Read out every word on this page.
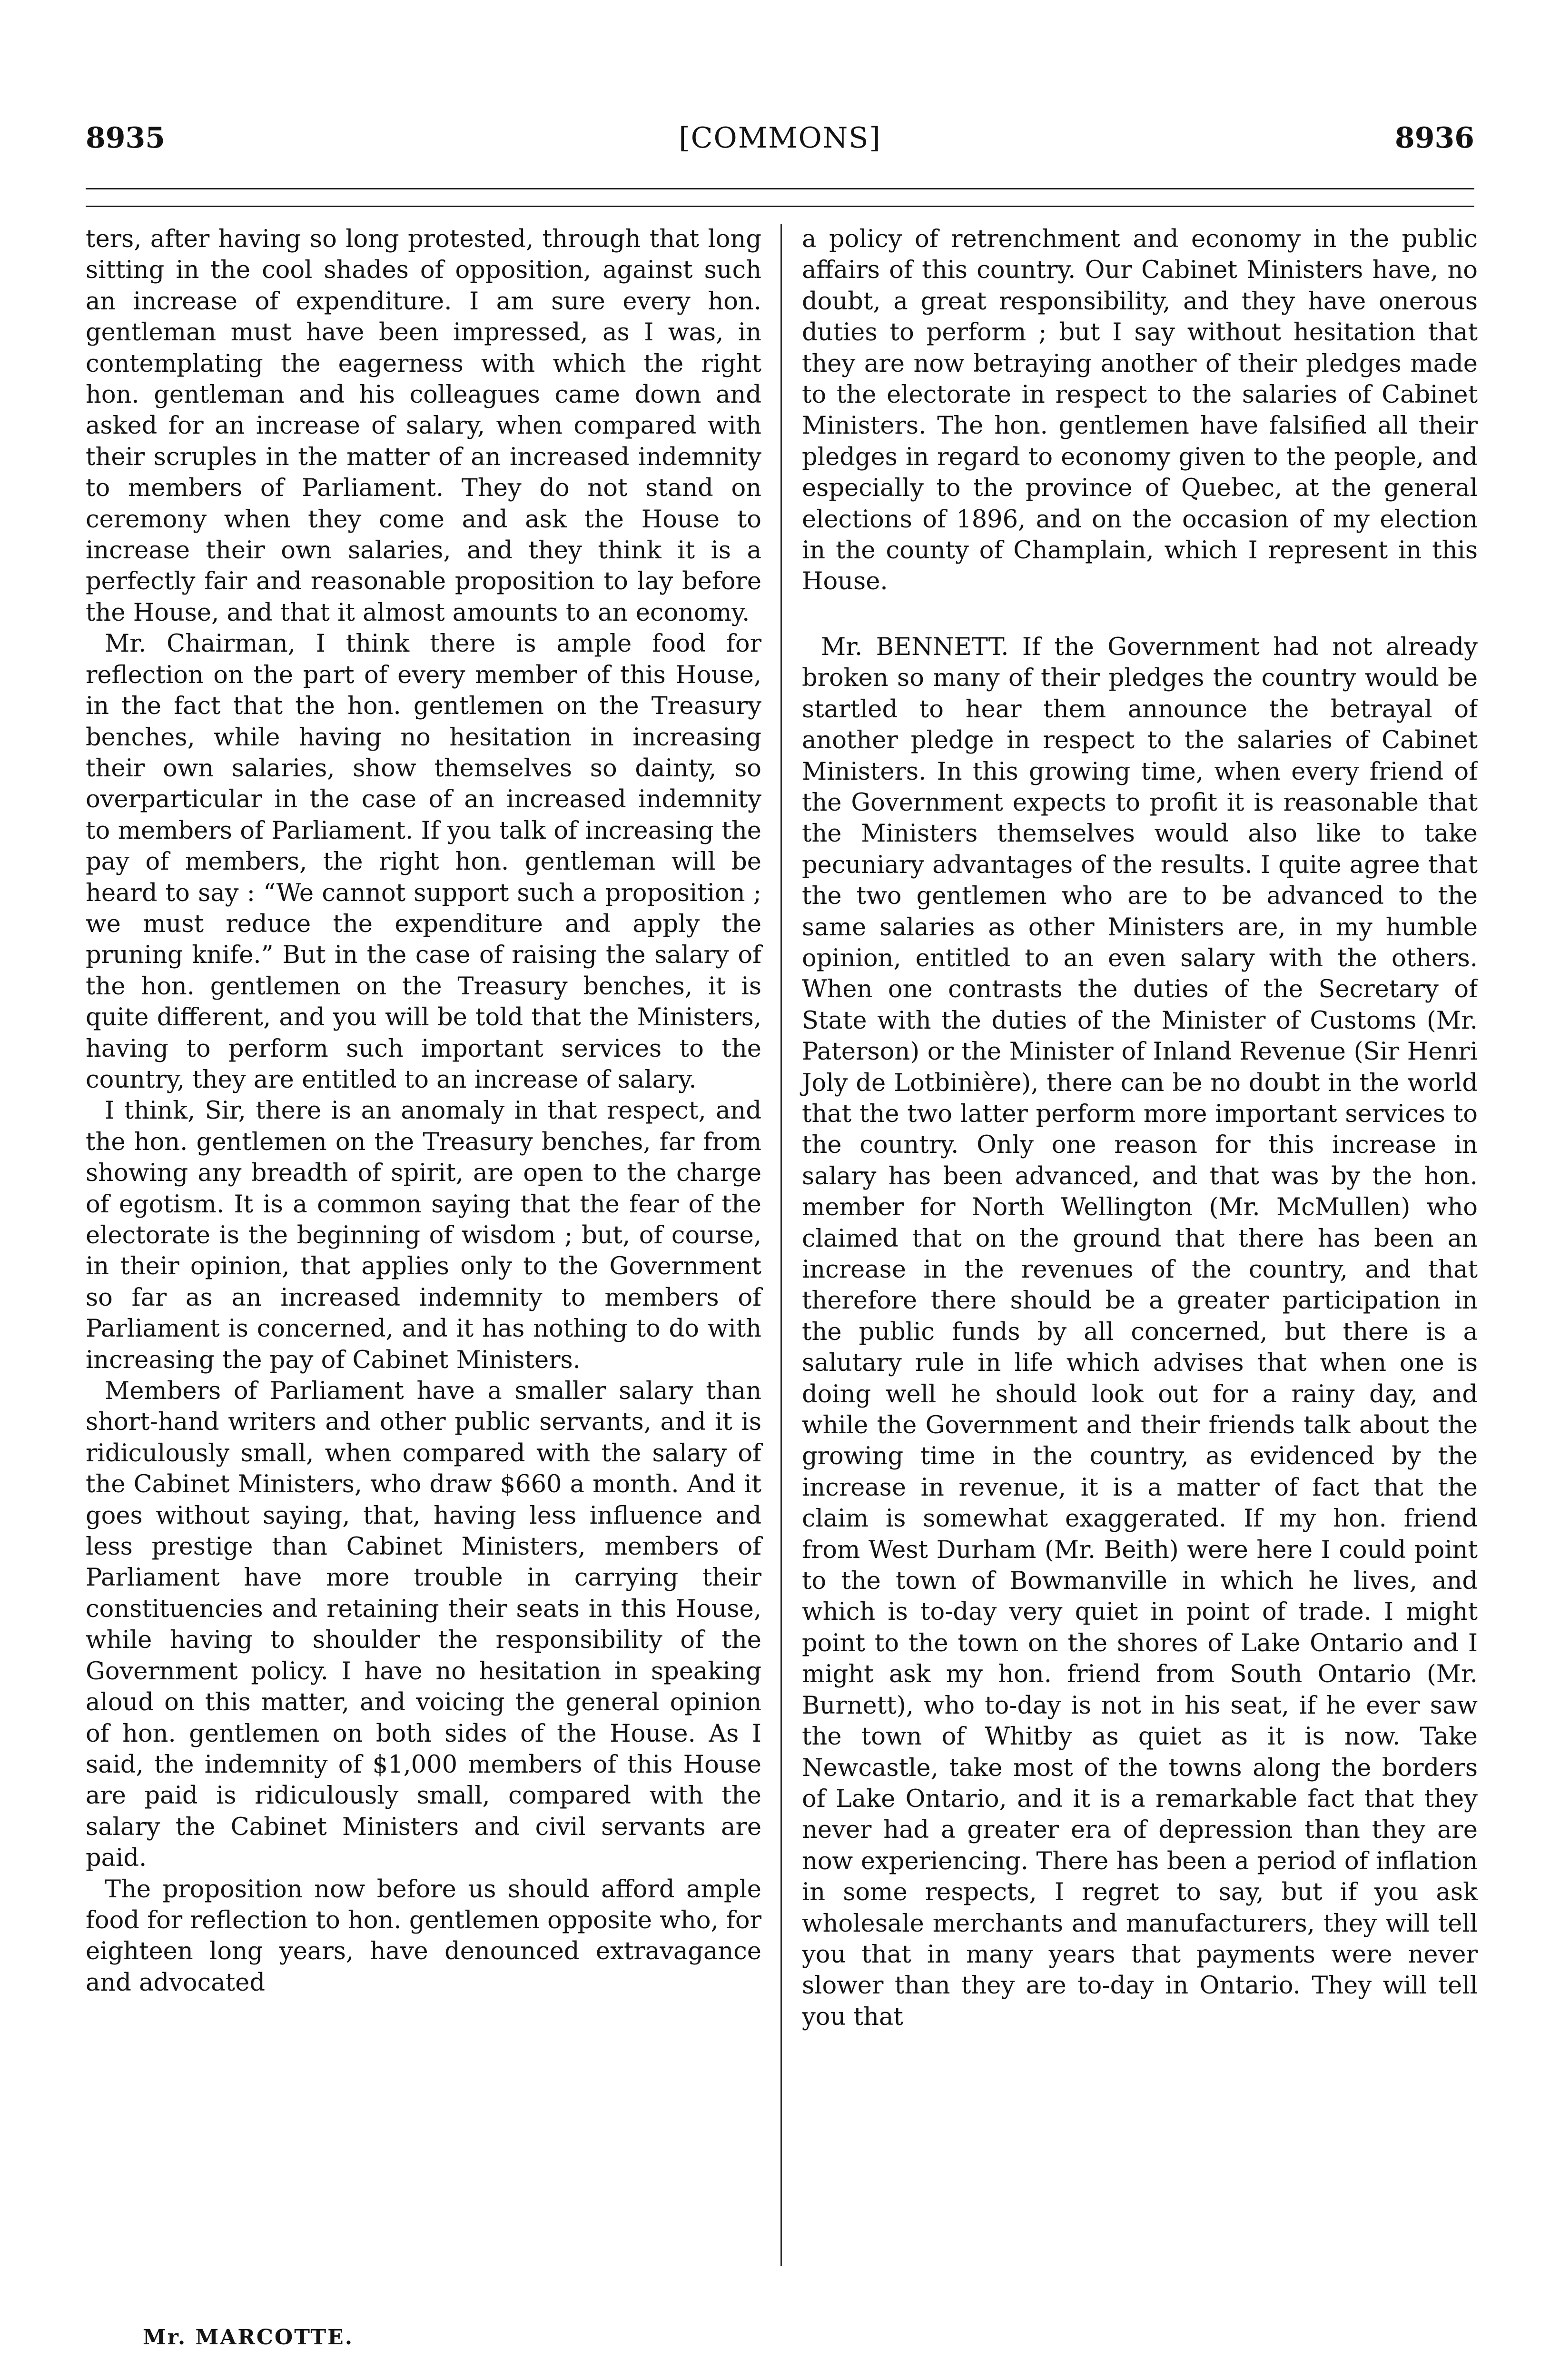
8935	[COMMONS]	8936

ters, after having so long protested, through that long sitting in the cool shades of opposition, against such an increase of expenditure. I am sure every hon. gentleman must have been impressed, as I was, in contemplating the eagerness with which the right hon. gentleman and his colleagues came down and asked for an increase of salary, when compared with their scruples in the matter of an increased indemnity to members of Parliament. They do not stand on ceremony when they come and ask the House to increase their own salaries, and they think it is a perfectly fair and reasonable proposition to lay before the House, and that it almost amounts to an economy.

Mr. Chairman, I think there is ample food for reflection on the part of every member of this House, in the fact that the hon. gentlemen on the Treasury benches, while having no hesitation in increasing their own salaries, show themselves so dainty, so overparticular in the case of an increased indemnity to members of Parliament. If you talk of increasing the pay of members, the right hon. gentleman will be heard to say : “We cannot support such a proposition ; we must reduce the expenditure and apply the pruning knife.” But in the case of raising the salary of the hon. gentlemen on the Treasury benches, it is quite different, and you will be told that the Ministers, having to perform such important services to the country, they are entitled to an increase of salary.

I think, Sir, there is an anomaly in that respect, and the hon. gentlemen on the Treasury benches, far from showing any breadth of spirit, are open to the charge of egotism. It is a common saying that the fear of the electorate is the beginning of wisdom ; but, of course, in their opinion, that applies only to the Government so far as an increased indemnity to members of Parliament is concerned, and it has nothing to do with increasing the pay of Cabinet Ministers.

Members of Parliament have a smaller salary than short-hand writers and other public servants, and it is ridiculously small, when compared with the salary of the Cabinet Ministers, who draw $660 a month. And it goes without saying, that, having less influence and less prestige than Cabinet Ministers, members of Parliament have more trouble in carrying their constituencies and retaining their seats in this House, while having to shoulder the responsibility of the Government policy. I have no hesitation in speaking aloud on this matter, and voicing the general opinion of hon. gentlemen on both sides of the House. As I said, the indemnity of $1,000 members of this House are paid is ridiculously small, compared with the salary the Cabinet Ministers and civil servants are paid.

The proposition now before us should afford ample food for reflection to hon. gentlemen opposite who, for eighteen long years, have denounced extravagance and advocated

a policy of retrenchment and economy in the public affairs of this country. Our Cabinet Ministers have, no doubt, a great responsibility, and they have onerous duties to perform ; but I say without hesitation that they are now betraying another of their pledges made to the electorate in respect to the salaries of Cabinet Ministers. The hon. gentlemen have falsified all their pledges in regard to economy given to the people, and especially to the province of Quebec, at the general elections of 1896, and on the occasion of my election in the county of Champlain, which I represent in this House.

Mr. BENNETT. If the Government had not already broken so many of their pledges the country would be startled to hear them announce the betrayal of another pledge in respect to the salaries of Cabinet Ministers. In this growing time, when every friend of the Government expects to profit it is reasonable that the Ministers themselves would also like to take pecuniary advantages of the results. I quite agree that the two gentlemen who are to be advanced to the same salaries as other Ministers are, in my humble opinion, entitled to an even salary with the others. When one contrasts the duties of the Secretary of State with the duties of the Minister of Customs (Mr. Paterson) or the Minister of Inland Revenue (Sir Henri Joly de Lotbinière), there can be no doubt in the world that the two latter perform more important services to the country. Only one reason for this increase in salary has been advanced, and that was by the hon. member for North Wellington (Mr. McMullen) who claimed that on the ground that there has been an increase in the revenues of the country, and that therefore there should be a greater participation in the public funds by all concerned, but there is a salutary rule in life which advises that when one is doing well he should look out for a rainy day, and while the Government and their friends talk about the growing time in the country, as evidenced by the increase in revenue, it is a matter of fact that the claim is somewhat exaggerated. If my hon. friend from West Durham (Mr. Beith) were here I could point to the town of Bowmanville in which he lives, and which is to-day very quiet in point of trade. I might point to the town on the shores of Lake Ontario and I might ask my hon. friend from South Ontario (Mr. Burnett), who to-day is not in his seat, if he ever saw the town of Whitby as quiet as it is now. Take Newcastle, take most of the towns along the borders of Lake Ontario, and it is a remarkable fact that they never had a greater era of depression than they are now experiencing. There has been a period of inflation in some respects, I regret to say, but if you ask wholesale merchants and manufacturers, they will tell you that in many years that payments were never slower than they are to-day in Ontario. They will tell you that

Mr. MARCOTTE.
